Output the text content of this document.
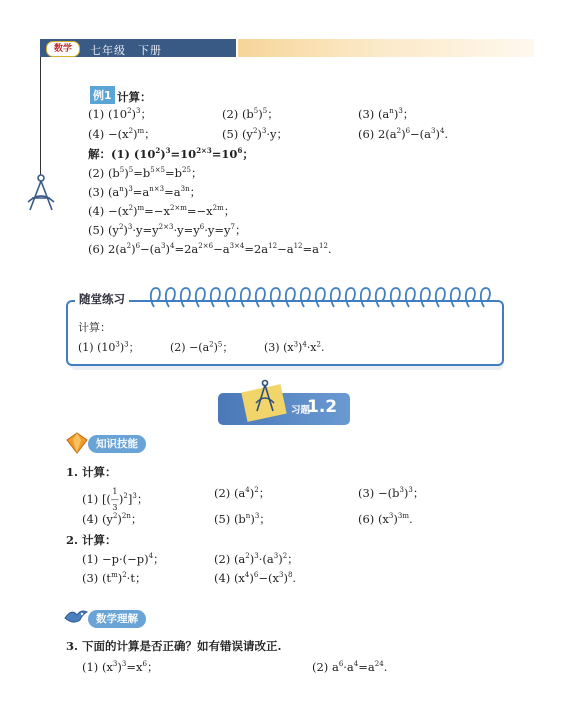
数学	七年级　下册
例1 计算：
(1) $(10^2)^3$；	(2) $(b^5)^5$；	(3) $(a^n)^3$；
$(4) -(x^2)^m$；	(5) $(y^2)^3\cdot y$；	(6) $2(a^2)^6-(a^3)^4$.
解：(1) $(10^2)^3=10^{2\times 3}=10^6$；
(2) $(b^5)^5=b^{5\times 5}=b^{25}$；
(3) $(a^n)^3=a^{n\times 3}=a^{3n}$；
$(4) -(x^2)^m=-x^{2\times m}=-x^{2m}$；
(5) $(y^2)^3\cdot y=y^{2\times 3}\cdot y=y^6\cdot y=y^7$；
(6) $2(a^2)^6-(a^3)^4=2a^{2\times 6}-a^{3\times 4}=2a^{12}-a^{12}=a^{12}$.
随堂练习
计算：
(1) $(10^3)^3$；	$(2) -(a^2)^5$；	(3) $(x^3)^4\cdot x^2$.
习题
1.2
知识技能
1. 计算：
(1) [(1
—
3)$^2$]$^3$；	(2) $(a^4)^2$；	$(3) -(b^3)^3$；
(4) $(y^2)^{2n}$；	(5) $(b^n)^3$；	(6) $(x^3)^{3m}$.
2. 计算：
$(1) -p\cdot(-p)^4$；	(2) $(a^2)^3\cdot(a^3)^2$；
(3) $(t^m)^2\cdot t$；	(4) $(x^4)^6-(x^3)^8$.
数学理解
3. 下面的计算是否正确？如有错误请改正.
(1) $(x^3)^3=x^6$；	(2) $a^6\cdot a^4=a^{24}$.
